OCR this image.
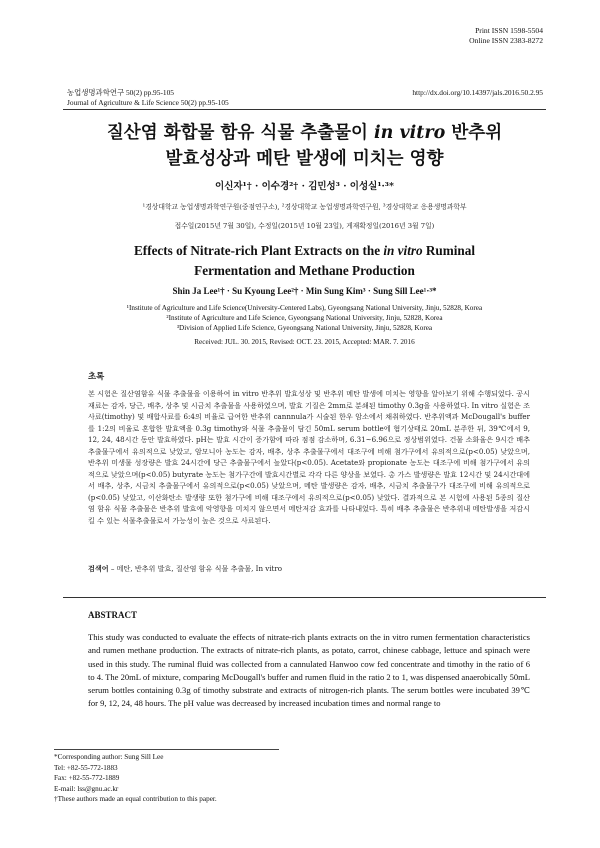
Print ISSN 1598-5504
Online ISSN 2383-8272
농업생명과학연구 50(2) pp.95-105
Journal of Agriculture & Life Science 50(2) pp.95-105
http://dx.doi.org/10.14397/jals.2016.50.2.95
질산염 화합물 함유 식물 추출물이 in vitro 반추위
발효성상과 메탄 발생에 미치는 영향
이신자¹† · 이수경²† · 김민성³ · 이성실¹·³*
¹경상대학교 농업생명과학연구원(중점연구소), ²경상대학교 농업생명과학연구원, ³경상대학교 응용생명과학부
접수일(2015년 7월 30일), 수정일(2015년 10월 23일), 게재확정일(2016년 3월 7일)
Effects of Nitrate-rich Plant Extracts on the in vitro Ruminal
Fermentation and Methane Production
Shin Ja Lee¹† · Su Kyoung Lee²† · Min Sung Kim³ · Sung Sill Lee¹·³*
¹Institute of Agriculture and Life Science(University-Centered Labs), Gyeongsang National University, Jinju, 52828, Korea
²Institute of Agriculture and Life Science, Gyeongsang National University, Jinju, 52828, Korea
³Division of Applied Life Science, Gyeongsang National University, Jinju, 52828, Korea
Received: JUL. 30. 2015, Revised: OCT. 23. 2015, Accepted: MAR. 7. 2016
초록
본 시험은 질산염함유 식물 추출물을 이용하여 in vitro 반추위 발효성상 및 반추위 메탄 발생에 미치는 영향을 알아보기 위해 수행되었다. 공시재료는 감자, 당근, 배추, 상추 및 시금치 추출물을 사용하였으며, 발효 기질은 2mm로 분쇄된 timothy 0.3g을 사용하였다. In vitro 실험은 조사료(timothy) 및 배합사료를 6:4의 비율로 급여한 반추위 cannnula가 시술된 한우 암소에서 채취하였다. 반추위액과 McDougall's buffer를 1:2의 비율로 혼합한 발효액을 0.3g timothy와 식물 추출물이 담긴 50mL serum bottle에 혐기상태로 20mL 분주한 뒤, 39℃에서 9, 12, 24, 48시간 동안 발효하였다. pH는 발효 시간이 증가함에 따라 점점 감소하며, 6.31~6.96으로 정상범위였다. 건물 소화율은 9시간 배추 추출물구에서 유의적으로 낮았고, 암모니아 농도는 감자, 배추, 상추 추출물구에서 대조구에 비해 첨가구에서 유의적으로(p<0.05) 낮았으며, 반추위 미생물 성장량은 발효 24시간에 당근 추출물구에서 높았다(p<0.05). Acetate와 propionate 농도는 대조구에 비해 첨가구에서 유의적으로 낮았으며(p<0.05) butyrate 농도는 첨가구간에 발효시간별로 각각 다른 양상을 보였다. 총 가스 발생량은 발효 12시간 및 24시간대에서 배추, 상추, 시금치 추출물구에서 유의적으로(p<0.05) 낮았으며, 메탄 발생량은 감자, 배추, 시금치 추출물구가 대조구에 비해 유의적으로(p<0.05) 낮았고, 이산화탄소 발생량 또한 첨가구에 비해 대조구에서 유의적으로(p<0.05) 낮았다. 결과적으로 본 시험에 사용된 5종의 질산염 함유 식물 추출물은 반추위 발효에 악영향을 미치지 않으면서 메탄저감 효과를 나타내었다. 특히 배추 추출물은 반추위내 메탄발생을 저감시킬 수 있는 식물추출물로서 가능성이 높은 것으로 사료된다.
검색어 – 메탄, 반추위 발효, 질산염 함유 식물 추출물, In vitro
ABSTRACT
This study was conducted to evaluate the effects of nitrate-rich plants extracts on the in vitro rumen fermentation characteristics and rumen methane production. The extracts of nitrate-rich plants, as potato, carrot, chinese cabbage, lettuce and spinach were used in this study. The ruminal fluid was collected from a cannulated Hanwoo cow fed concentrate and timothy in the ratio of 6 to 4. The 20mL of mixture, comparing McDougall's buffer and rumen fluid in the ratio 2 to 1, was dispensed anaerobically 50mL serum bottles containing 0.3g of timothy substrate and extracts of nitrogen-rich plants. The serum bottles were incubated 39℃ for 9, 12, 24, 48 hours. The pH value was decreased by increased incubation times and normal range to
*Corresponding author: Sung Sill Lee
Tel: +82-55-772-1883
Fax: +82-55-772-1889
E-mail: lss@gnu.ac.kr
†These authors made an equal contribution to this paper.
